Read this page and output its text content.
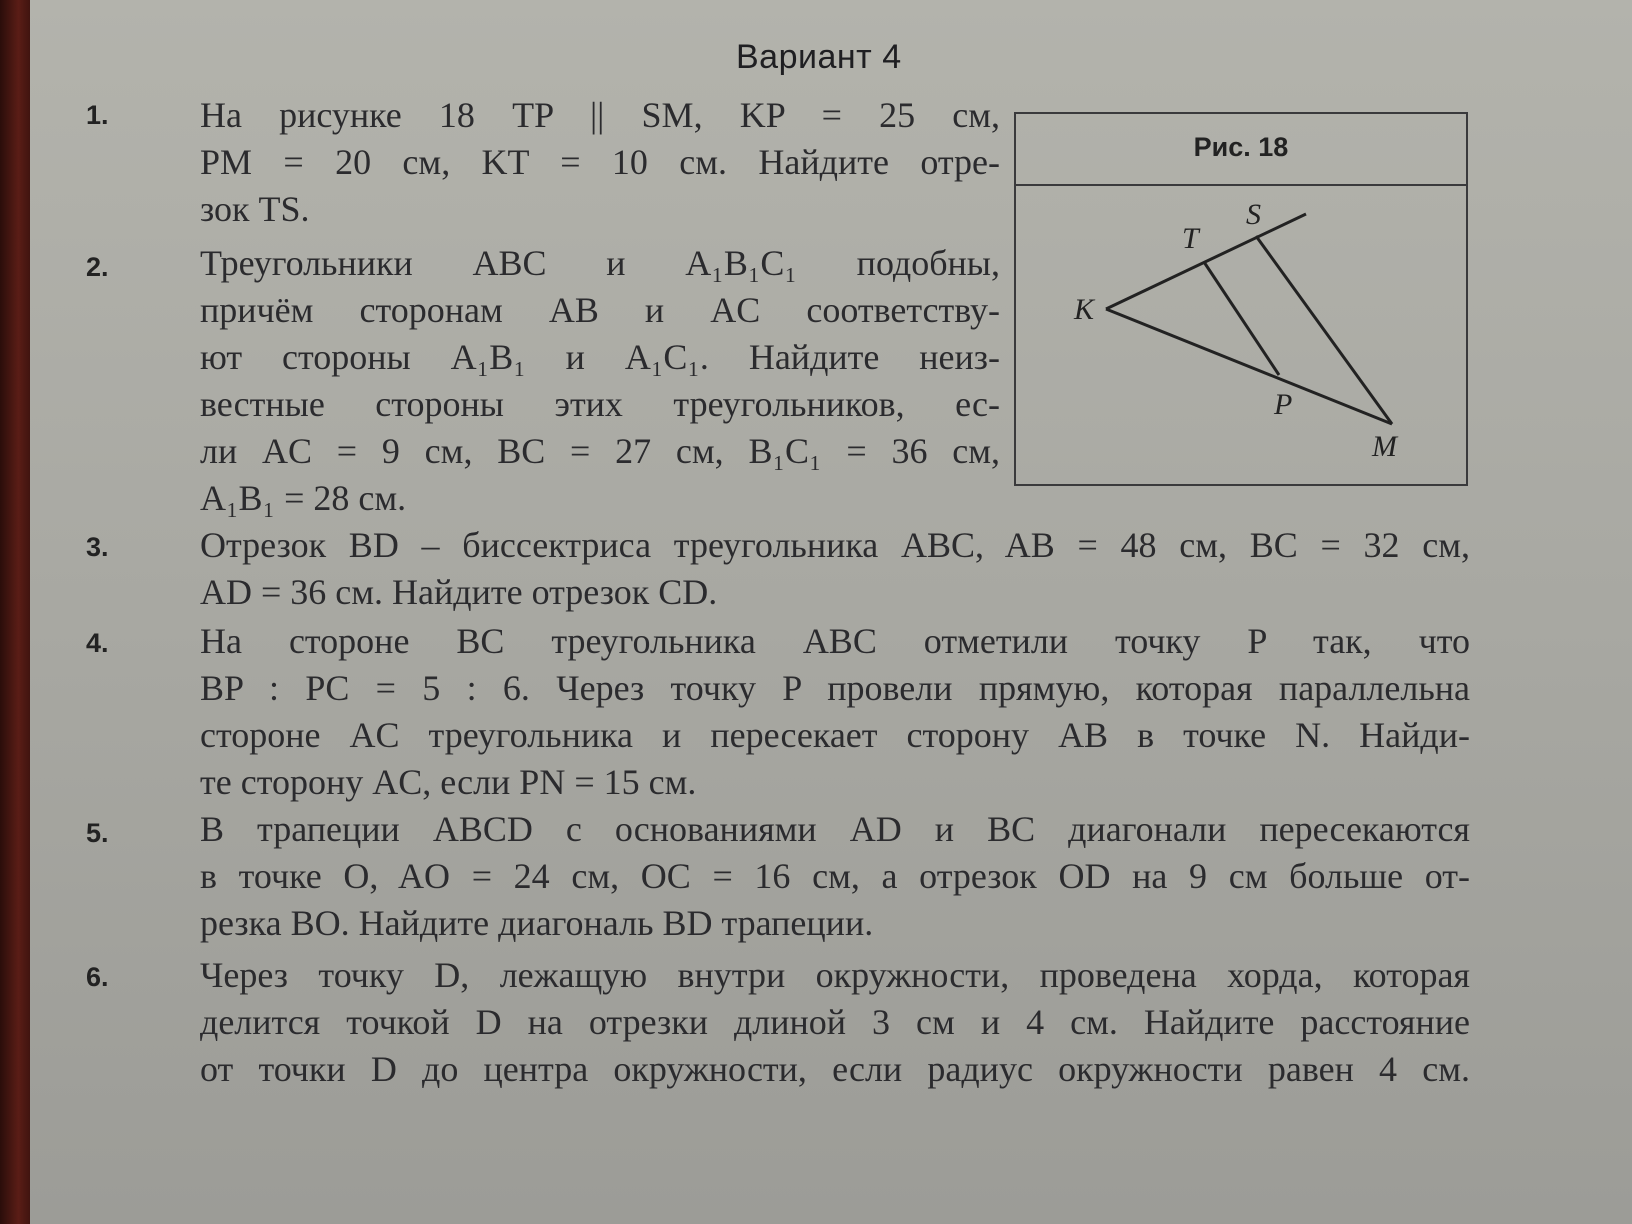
Вариант 4
1.	На рисунке 18 TP || SM, KP = 25 см,
PM = 20 см, KT = 10 см. Найдите отре-
зок TS.
2.	Треугольники ABC и A₁B₁C₁ подобны,
причём сторонам AB и AC соответству-
ют стороны A₁B₁ и A₁C₁. Найдите неиз-
вестные стороны этих треугольников, ес-
ли AC = 9 см, BC = 27 см, B₁C₁ = 36 см,
A₁B₁ = 28 см.
Рис. 18
S
T
K
P
M
3.	Отрезок BD – биссектриса треугольника ABC, AB = 48 см, BC = 32 см,
AD = 36 см. Найдите отрезок CD.
4.	На стороне BC треугольника ABC отметили точку P так, что
BP : PC = 5 : 6. Через точку P провели прямую, которая параллельна
стороне AC треугольника и пересекает сторону AB в точке N. Найди-
те сторону AC, если PN = 15 см.
5.	В трапеции ABCD с основаниями AD и BC диагонали пересекаются
в точке O, AO = 24 см, OC = 16 см, а отрезок OD на 9 см больше от-
резка BO. Найдите диагональ BD трапеции.
6.	Через точку D, лежащую внутри окружности, проведена хорда, которая
делится точкой D на отрезки длиной 3 см и 4 см. Найдите расстояние
от точки D до центра окружности, если радиус окружности равен 4 см.
